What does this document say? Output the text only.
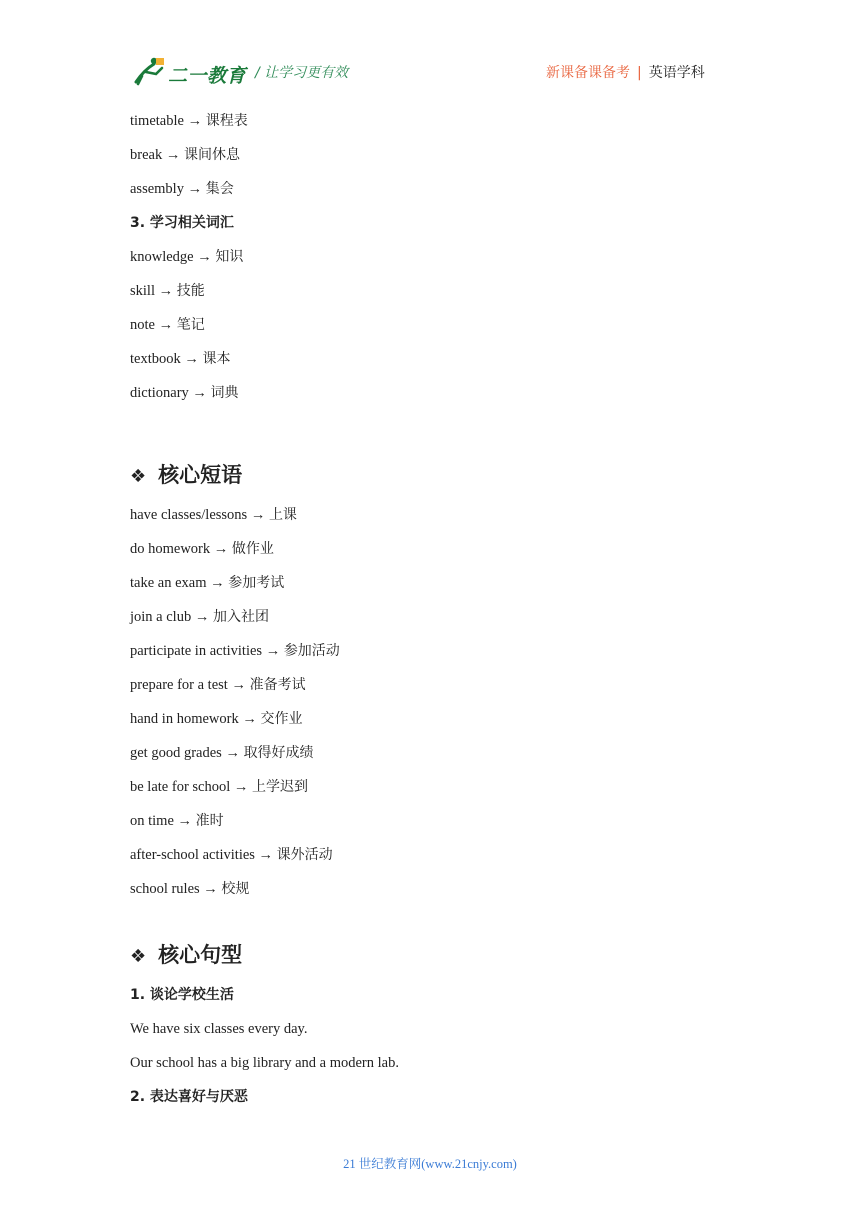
二一教育 / 让学习更有效	新课备课备考 | 英语学科
timetable → 课程表
break → 课间休息
assembly → 集会
3. 学习相关词汇
knowledge → 知识
skill → 技能
note → 笔记
textbook → 课本
dictionary → 词典
❖ 核心短语
have classes/lessons → 上课
do homework → 做作业
take an exam → 参加考试
join a club → 加入社团
participate in activities → 参加活动
prepare for a test → 准备考试
hand in homework → 交作业
get good grades → 取得好成绩
be late for school → 上学迟到
on time → 准时
after-school activities → 课外活动
school rules → 校规
❖ 核心句型
1. 谈论学校生活
We have six classes every day.
Our school has a big library and a modern lab.
2. 表达喜好与厌恶
21 世纪教育网(www.21cnjy.com)
